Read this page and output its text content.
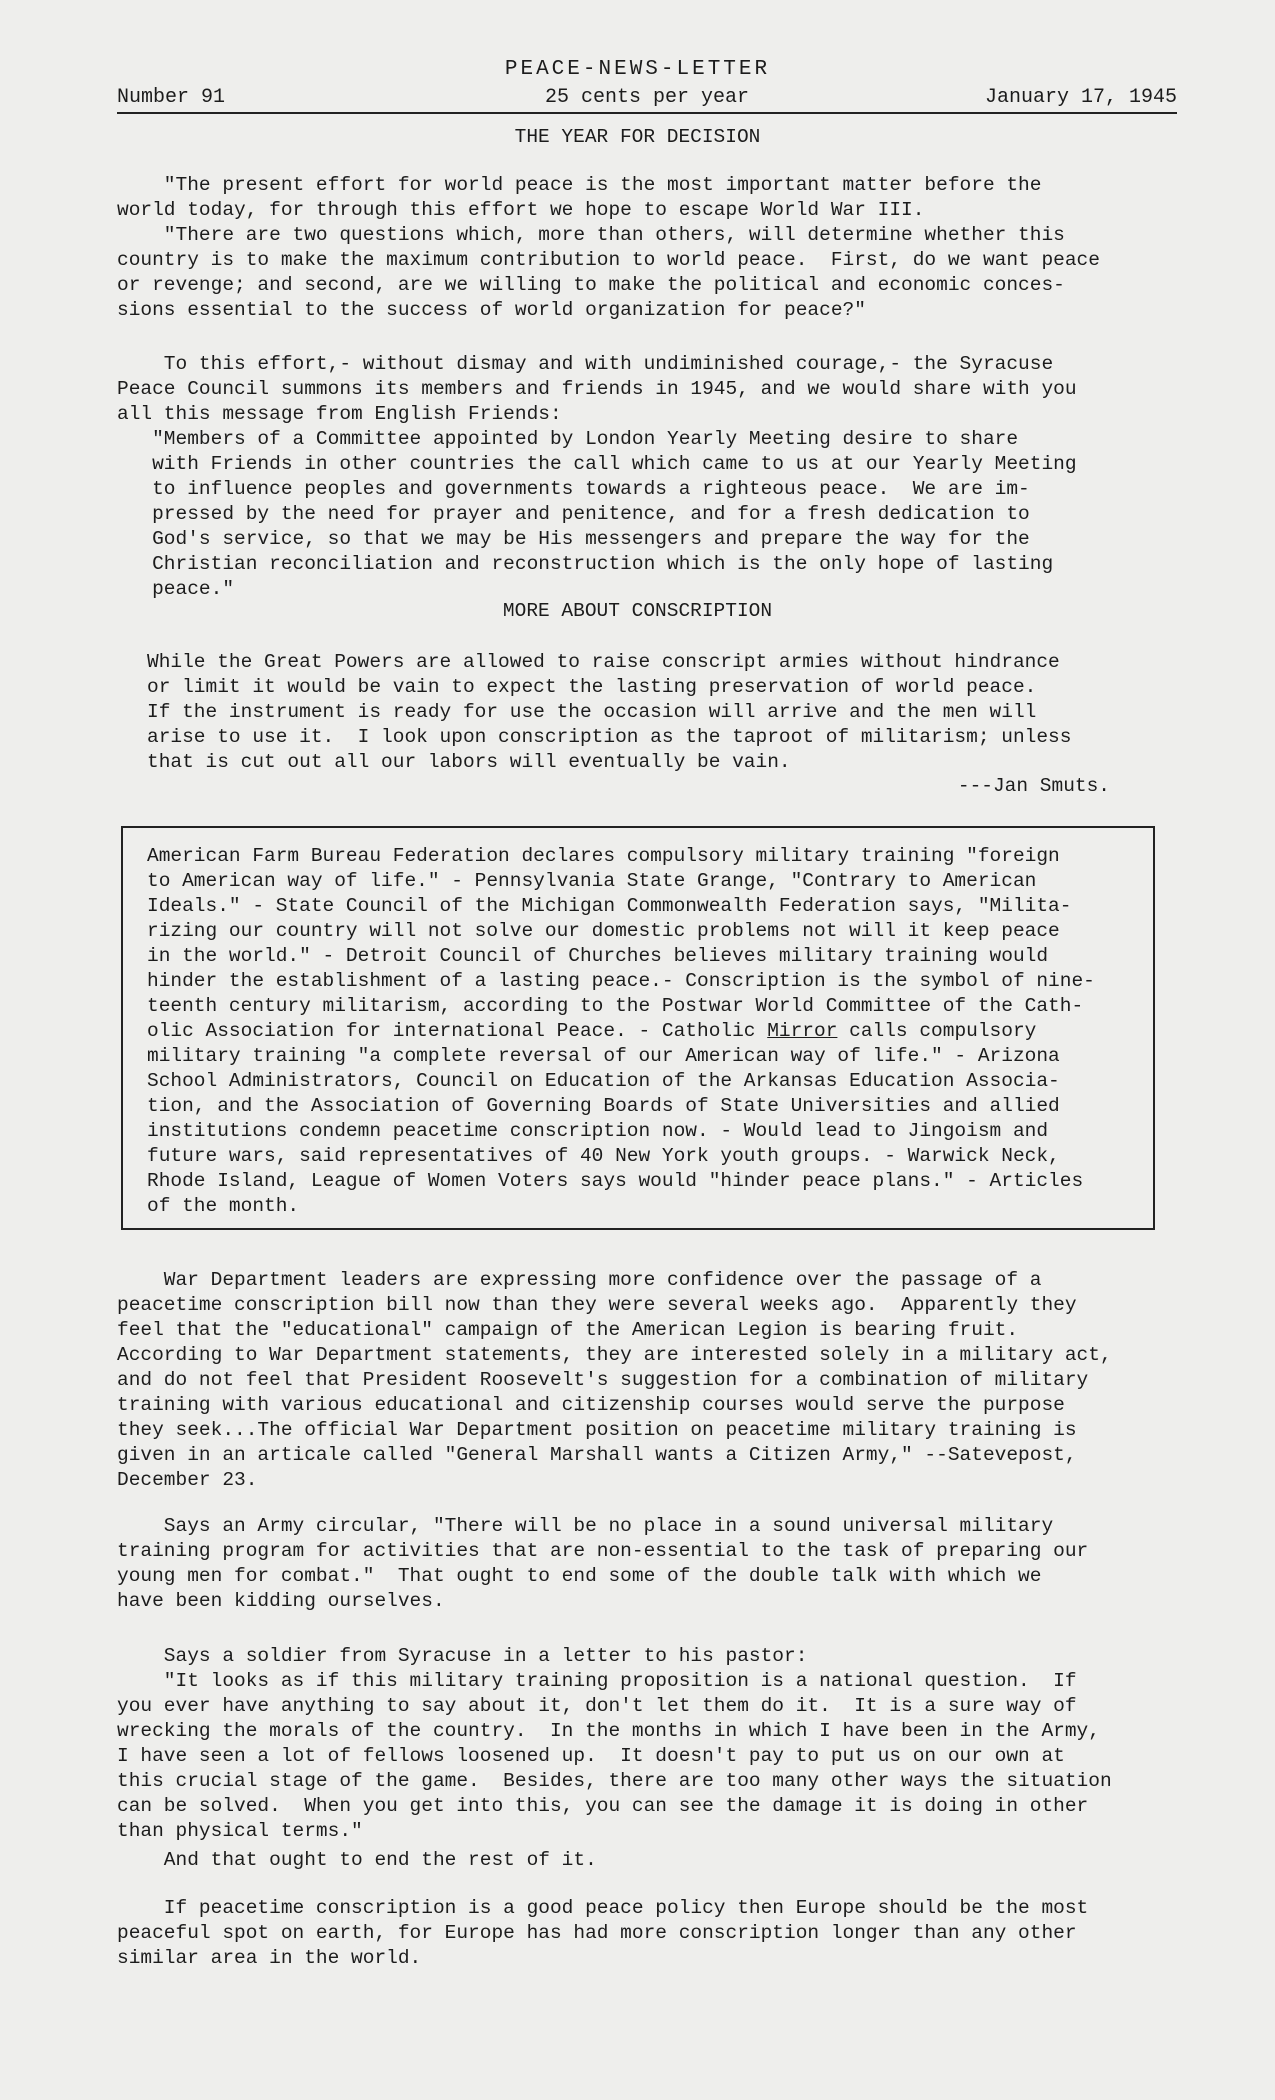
PEACE-NEWS-LETTER
Number 91	25 cents per year	January 17, 1945
THE YEAR FOR DECISION
"The present effort for world peace is the most important matter before the
world today, for through this effort we hope to escape World War III.
"There are two questions which, more than others, will determine whether this
country is to make the maximum contribution to world peace.  First, do we want peace
or revenge; and second, are we willing to make the political and economic conces-
sions essential to the success of world organization for peace?"
To this effort,- without dismay and with undiminished courage,- the Syracuse
Peace Council summons its members and friends in 1945, and we would share with you
all this message from English Friends:
"Members of a Committee appointed by London Yearly Meeting desire to share
with Friends in other countries the call which came to us at our Yearly Meeting
to influence peoples and governments towards a righteous peace.  We are im-
pressed by the need for prayer and penitence, and for a fresh dedication to
God's service, so that we may be His messengers and prepare the way for the
Christian reconciliation and reconstruction which is the only hope of lasting
peace."
MORE ABOUT CONSCRIPTION
While the Great Powers are allowed to raise conscript armies without hindrance
or limit it would be vain to expect the lasting preservation of world peace.
If the instrument is ready for use the occasion will arrive and the men will
arise to use it.  I look upon conscription as the taproot of militarism; unless
that is cut out all our labors will eventually be vain.
---Jan Smuts.
American Farm Bureau Federation declares compulsory military training "foreign
to American way of life." - Pennsylvania State Grange, "Contrary to American
Ideals." - State Council of the Michigan Commonwealth Federation says, "Milita-
rizing our country will not solve our domestic problems not will it keep peace
in the world." - Detroit Council of Churches believes military training would
hinder the establishment of a lasting peace.- Conscription is the symbol of nine-
teenth century militarism, according to the Postwar World Committee of the Cath-
olic Association for international Peace. - Catholic Mirror calls compulsory
military training "a complete reversal of our American way of life." - Arizona
School Administrators, Council on Education of the Arkansas Education Associa-
tion, and the Association of Governing Boards of State Universities and allied
institutions condemn peacetime conscription now. - Would lead to Jingoism and
future wars, said representatives of 40 New York youth groups. - Warwick Neck,
Rhode Island, League of Women Voters says would "hinder peace plans." - Articles
of the month.
War Department leaders are expressing more confidence over the passage of a
peacetime conscription bill now than they were several weeks ago.  Apparently they
feel that the "educational" campaign of the American Legion is bearing fruit.
According to War Department statements, they are interested solely in a military act,
and do not feel that President Roosevelt's suggestion for a combination of military
training with various educational and citizenship courses would serve the purpose
they seek...The official War Department position on peacetime military training is
given in an articale called "General Marshall wants a Citizen Army," --Satevepost,
December 23.
Says an Army circular, "There will be no place in a sound universal military
training program for activities that are non-essential to the task of preparing our
young men for combat."  That ought to end some of the double talk with which we
have been kidding ourselves.
Says a soldier from Syracuse in a letter to his pastor:
"It looks as if this military training proposition is a national question.  If
you ever have anything to say about it, don't let them do it.  It is a sure way of
wrecking the morals of the country.  In the months in which I have been in the Army,
I have seen a lot of fellows loosened up.  It doesn't pay to put us on our own at
this crucial stage of the game.  Besides, there are too many other ways the situation
can be solved.  When you get into this, you can see the damage it is doing in other
than physical terms."
And that ought to end the rest of it.
If peacetime conscription is a good peace policy then Europe should be the most
peaceful spot on earth, for Europe has had more conscription longer than any other
similar area in the world.
